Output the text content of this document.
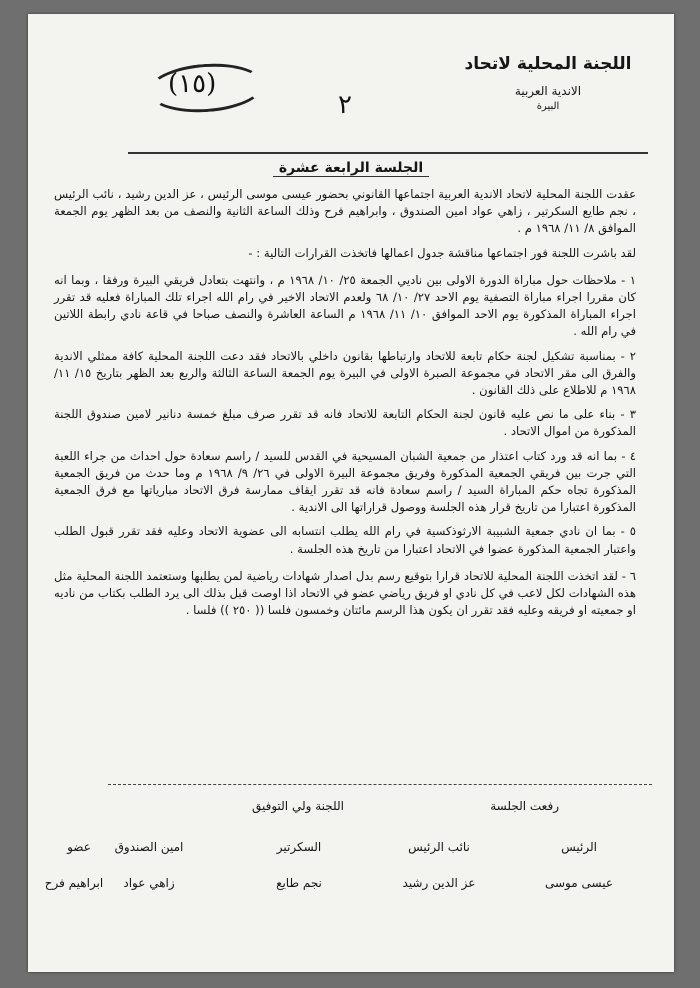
اللجنة المحلية لاتحاد
الاندية العربية
البيرة
(١٥)
٢
الجلسة الرابعة عشرة

عقدت اللجنة المحلية لاتحاد الاندية العربية اجتماعها القانوني بحضور عيسى موسى الرئيس ، عز الدين رشيد ، نائب الرئيس ، نجم طايع السكرتير ، زاهي عواد امين الصندوق ، وابراهيم فرح وذلك الساعة الثانية والنصف من بعد الظهر يوم الجمعة الموافق ٨/ ١١/ ١٩٦٨ م .

لقد باشرت اللجنة فور اجتماعها مناقشة جدول اعمالها فاتخذت القرارات التالية : -

١ - ملاحظات حول مباراة الدورة الاولى بين ناديي الجمعة ٢٥/ ١٠/ ١٩٦٨ م ، وانتهت بتعادل فريقي البيرة ورفقا ، وبما انه كان مقررا اجراء مباراة التصفية يوم الاحد ٢٧/ ١٠/ ٦٨ ولعدم الاتحاد الاخير في رام الله اجراء تلك المباراة فعليه قد تقرر اجراء المباراة المذكورة يوم الاحد الموافق ١٠/ ١١/ ١٩٦٨ م الساعة العاشرة والنصف صباحا في قاعة نادي رابطة اللاتين في رام الله .

٢ - بمناسبة تشكيل لجنة حكام تابعة للاتحاد وارتباطها بقانون داخلي بالاتحاد فقد دعت اللجنة المحلية كافة ممثلي الاندية والفرق الى مقر الاتحاد في مجموعة الصبرة الاولى في البيرة يوم الجمعة الساعة الثالثة والربع بعد الظهر بتاريخ ١٥/ ١١/ ١٩٦٨ م للاطلاع على ذلك القانون .

٣ - بناء على ما نص عليه قانون لجنة الحكام التابعة للاتحاد فانه قد تقرر صرف مبلغ خمسة دنانير لامين صندوق اللجنة المذكورة من اموال الاتحاد .

٤ - بما انه قد ورد كتاب اعتذار من جمعية الشبان المسيحية في القدس للسيد / راسم سعادة حول احداث من جراء اللعبة التي جرت بين فريقي الجمعية المذكورة وفريق مجموعة البيرة الاولى في ٢٦/ ٩/ ١٩٦٨ م وما حدث من فريق الجمعية المذكورة تجاه حكم المباراة السيد / راسم سعادة فانه قد تقرر ايقاف ممارسة فرق الاتحاد مبارياتها مع فرق الجمعية المذكورة اعتبارا من تاريخ قرار هذه الجلسة ووصول قراراتها الى الاندية .

٥ - بما ان نادي جمعية الشبيبة الارثوذكسية في رام الله يطلب انتسابه الى عضوية الاتحاد وعليه فقد تقرر قبول الطلب واعتبار الجمعية المذكورة عضوا في الاتحاد اعتبارا من تاريخ هذه الجلسة .

٦ - لقد اتخذت اللجنة المحلية للاتحاد قرارا بتوقيع رسم بدل اصدار شهادات رياضية لمن يطلبها وستعتمد اللجنة المحلية مثل هذه الشهادات لكل لاعب في كل نادي او فريق رياضي عضو في الاتحاد اذا اوصت قبل بذلك الى يرد الطلب بكتاب من ناديه او جمعيته او فريقه وعليه فقد تقرر ان يكون هذا الرسم مائتان وخمسون فلسا (( ٢٥٠ )) فلسا .

رفعت الجلسة
اللجنة ولي التوفيق
الرئيس
نائب الرئيس
السكرتير
امين الصندوق
عضو
عيسى موسى
عز الدين رشيد
نجم طايع
زاهي عواد
ابراهيم فرح
